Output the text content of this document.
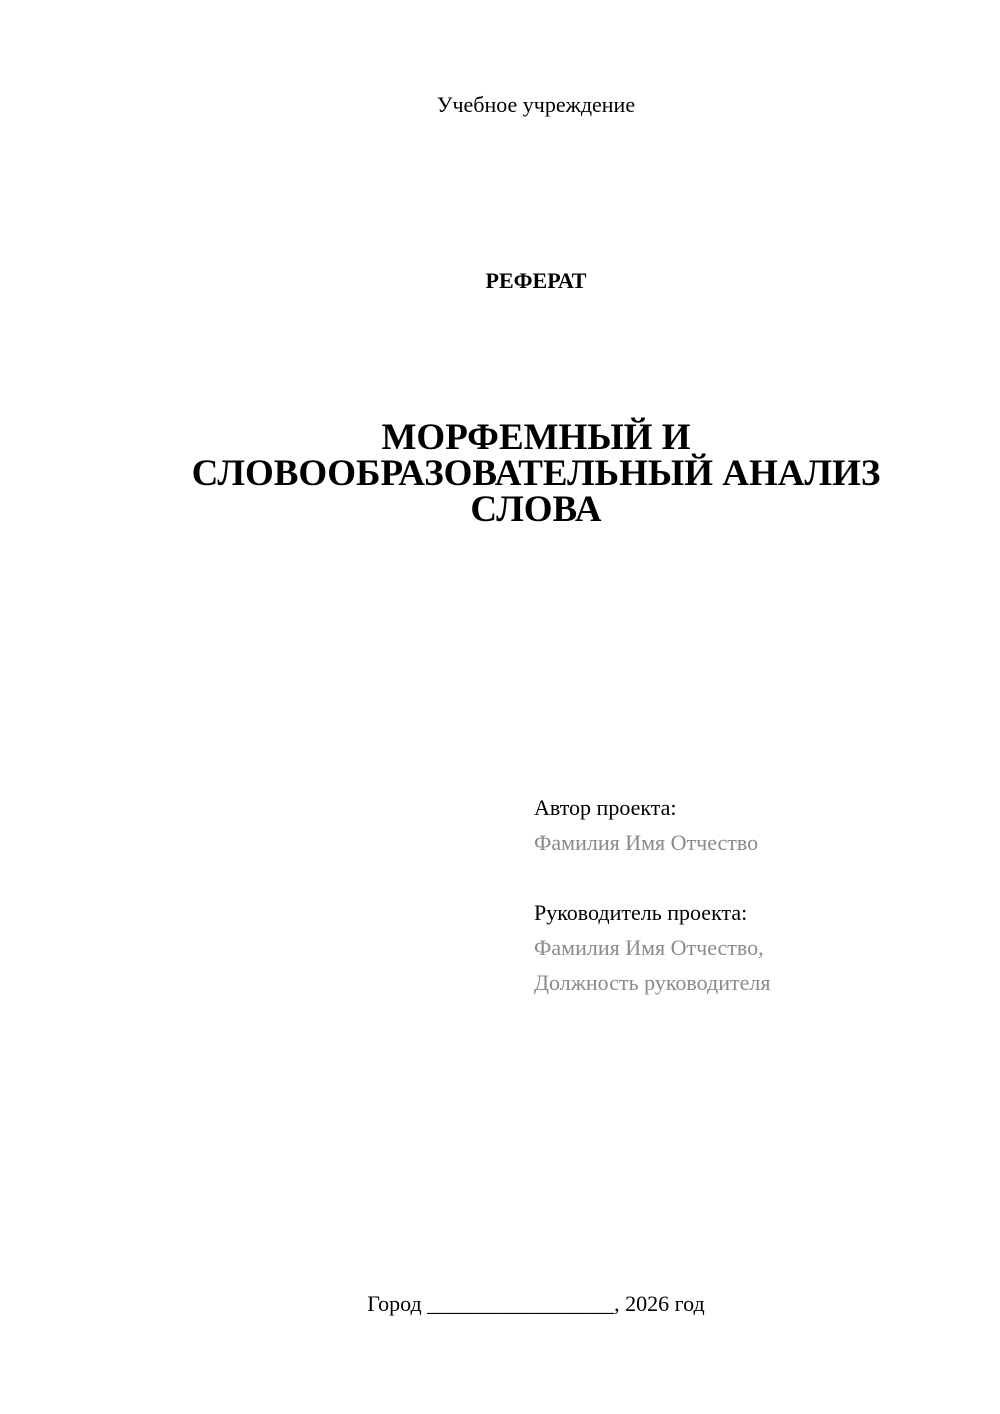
Учебное учреждение
РЕФЕРАТ
МОРФЕМНЫЙ И
СЛОВООБРАЗОВАТЕЛЬНЫЙ АНАЛИЗ
СЛОВА
Автор проекта:
Фамилия Имя Отчество
Руководитель проекта:
Фамилия Имя Отчество,
Должность руководителя
Город _________________, 2026 год
